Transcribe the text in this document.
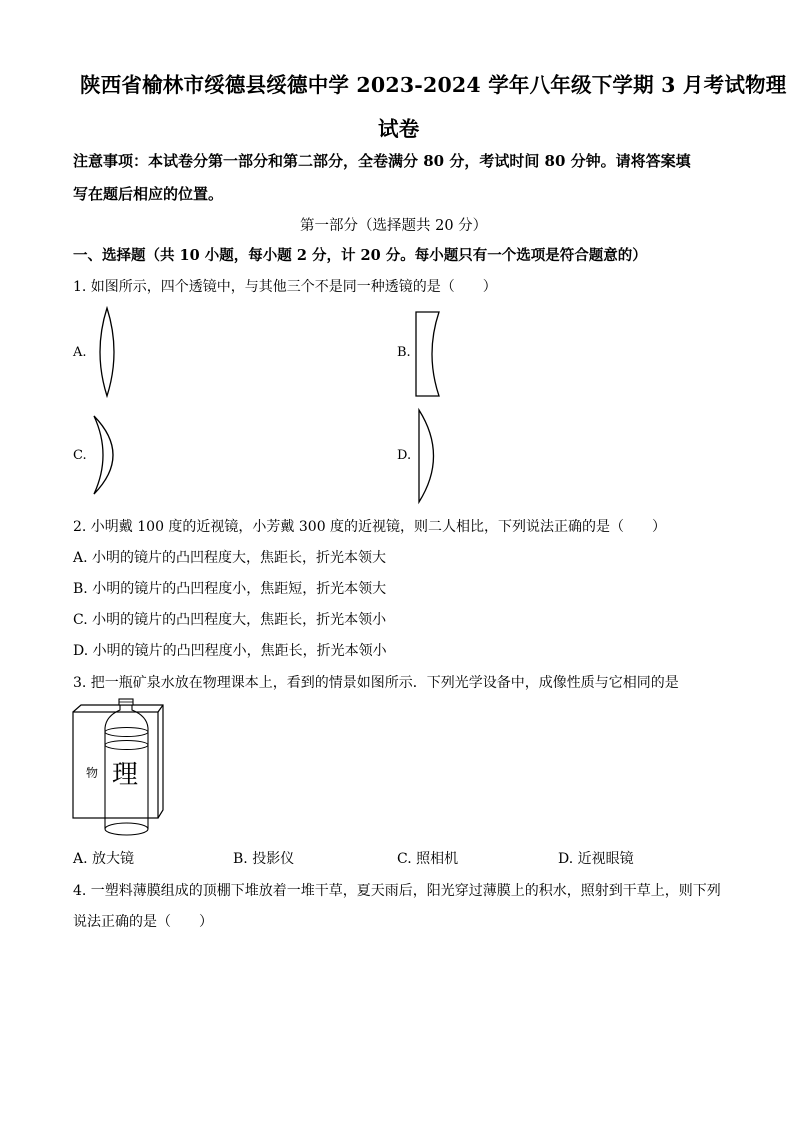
陕西省榆林市绥德县绥德中学 2023-2024 学年八年级下学期 3 月考试物理
试卷
注意事项：本试卷分第一部分和第二部分，全卷满分 80 分，考试时间 80 分钟。请将答案填
写在题后相应的位置。
第一部分（选择题共 20 分）
一、选择题（共 10 小题，每小题 2 分，计 20 分。每小题只有一个选项是符合题意的）
1. 如图所示，四个透镜中，与其他三个不是同一种透镜的是（　　）
A.	B.
C.	D.
2. 小明戴 100 度的近视镜，小芳戴 300 度的近视镜，则二人相比，下列说法正确的是（　　）
A. 小明的镜片的凸凹程度大，焦距长，折光本领大
B. 小明的镜片的凸凹程度小，焦距短，折光本领大
C. 小明的镜片的凸凹程度大，焦距长，折光本领小
D. 小明的镜片的凸凹程度小，焦距长，折光本领小
3. 把一瓶矿泉水放在物理课本上，看到的情景如图所示．下列光学设备中，成像性质与它相同的是
物 理
A. 放大镜	B. 投影仪	C. 照相机	D. 近视眼镜
4. 一塑料薄膜组成的顶棚下堆放着一堆干草，夏天雨后，阳光穿过薄膜上的积水，照射到干草上，则下列
说法正确的是（　　）
